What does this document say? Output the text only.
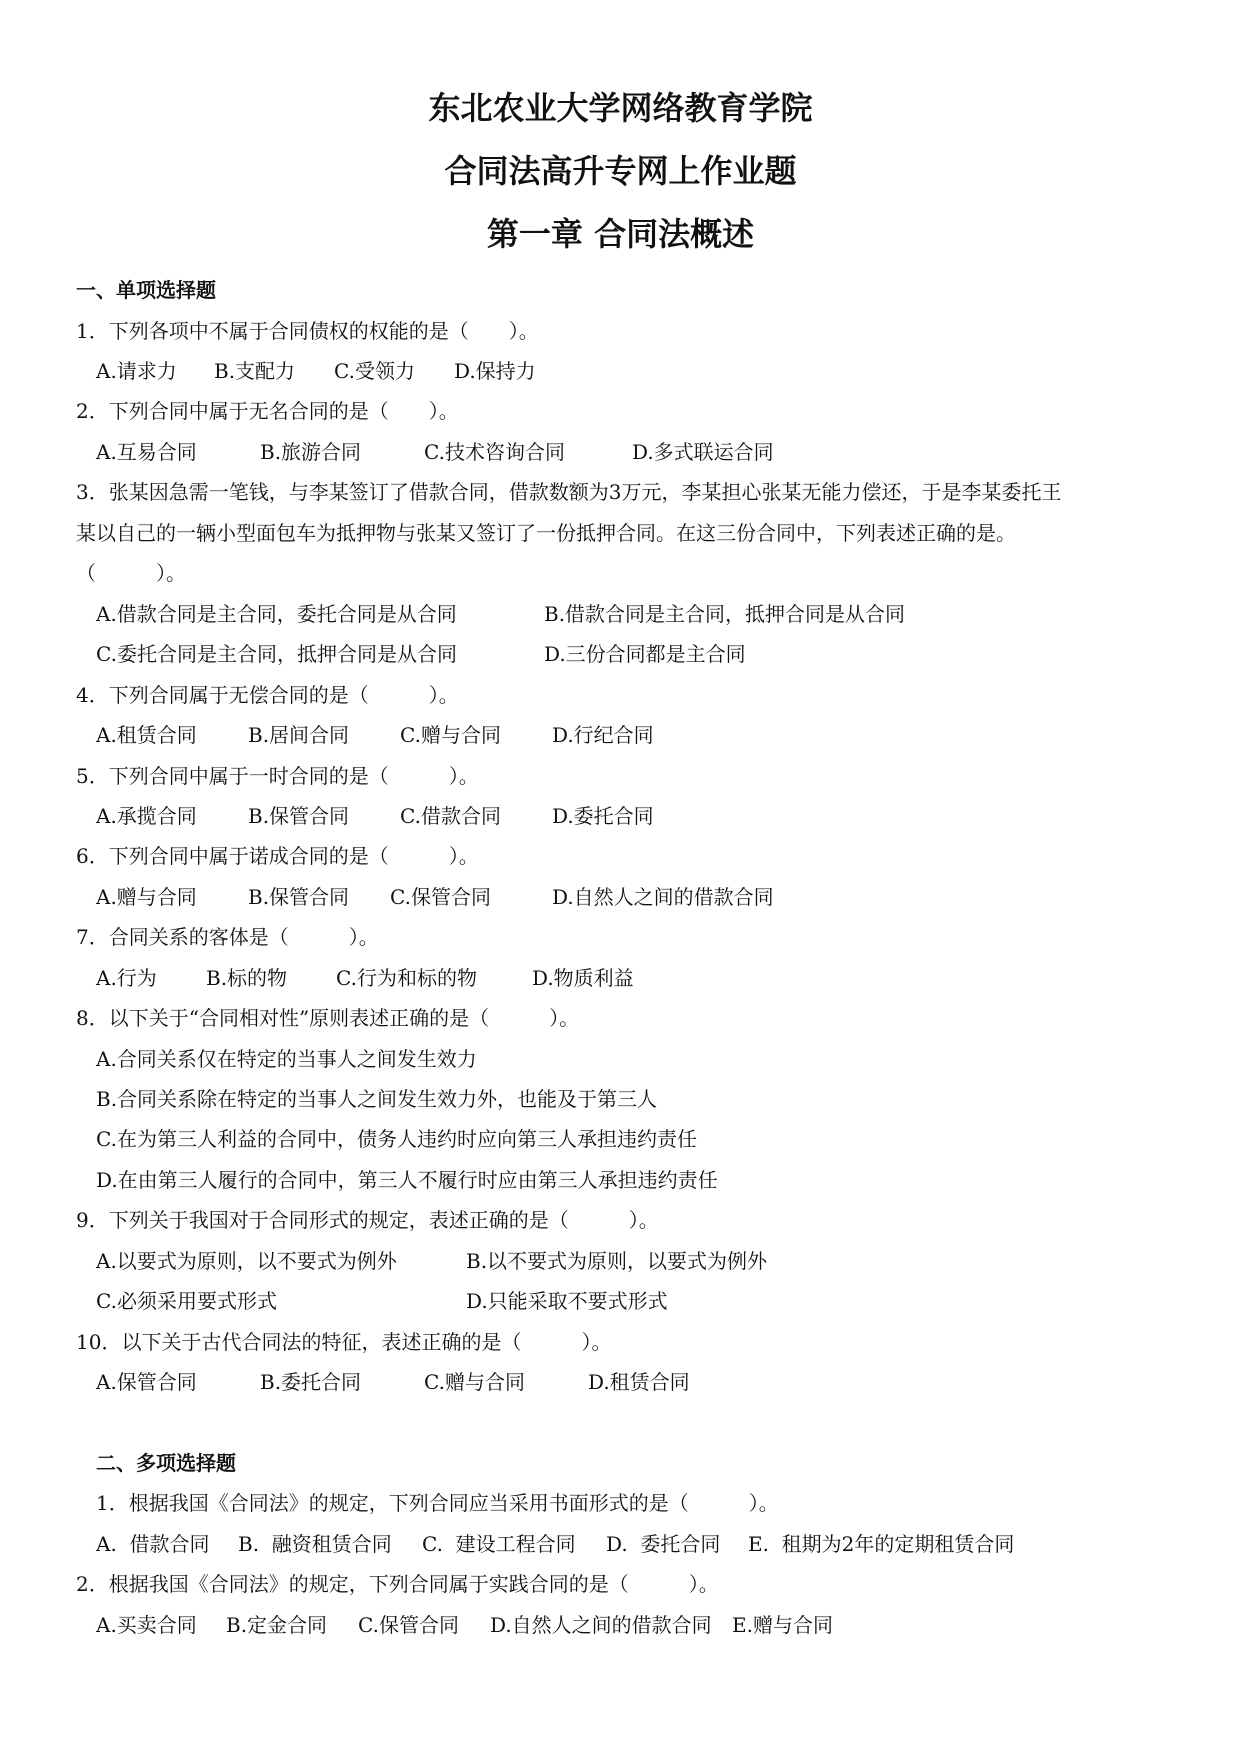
东北农业大学网络教育学院
合同法高升专网上作业题
第一章 合同法概述
一、单项选择题
1．下列各项中不属于合同债权的权能的是（　　）。
A.请求力	B.支配力	C.受领力	D.保持力
2．下列合同中属于无名合同的是（　　）。
A.互易合同	B.旅游合同	C.技术咨询合同	D.多式联运合同
3．张某因急需一笔钱，与李某签订了借款合同，借款数额为3万元，李某担心张某无能力偿还，于是李某委托王
某以自己的一辆小型面包车为抵押物与张某又签订了一份抵押合同。在这三份合同中，下列表述正确的是。
（　　　）。
A.借款合同是主合同，委托合同是从合同	B.借款合同是主合同，抵押合同是从合同
C.委托合同是主合同，抵押合同是从合同	D.三份合同都是主合同
4．下列合同属于无偿合同的是（　　　）。
A.租赁合同	B.居间合同	C.赠与合同	D.行纪合同
5．下列合同中属于一时合同的是（　　　）。
A.承揽合同	B.保管合同	C.借款合同	D.委托合同
6．下列合同中属于诺成合同的是（　　　）。
A.赠与合同	B.保管合同	C.保管合同	D.自然人之间的借款合同
7．合同关系的客体是（　　　）。
A.行为	B.标的物	C.行为和标的物	D.物质利益
8．以下关于“合同相对性”原则表述正确的是（　　　）。
A.合同关系仅在特定的当事人之间发生效力
B.合同关系除在特定的当事人之间发生效力外，也能及于第三人
C.在为第三人利益的合同中，债务人违约时应向第三人承担违约责任
D.在由第三人履行的合同中，第三人不履行时应由第三人承担违约责任
9．下列关于我国对于合同形式的规定，表述正确的是（　　　）。
A.以要式为原则，以不要式为例外	B.以不要式为原则，以要式为例外
C.必须采用要式形式	D.只能采取不要式形式
10．以下关于古代合同法的特征，表述正确的是（　　　）。
A.保管合同	B.委托合同	C.赠与合同	D.租赁合同
二、多项选择题
1．根据我国《合同法》的规定，下列合同应当采用书面形式的是（　　　）。
A.  借款合同	B.  融资租赁合同	C.  建设工程合同	D.  委托合同	E.  租期为2年的定期租赁合同
2．根据我国《合同法》的规定，下列合同属于实践合同的是（　　　）。
A.买卖合同	B.定金合同	C.保管合同	D.自然人之间的借款合同	E.赠与合同
